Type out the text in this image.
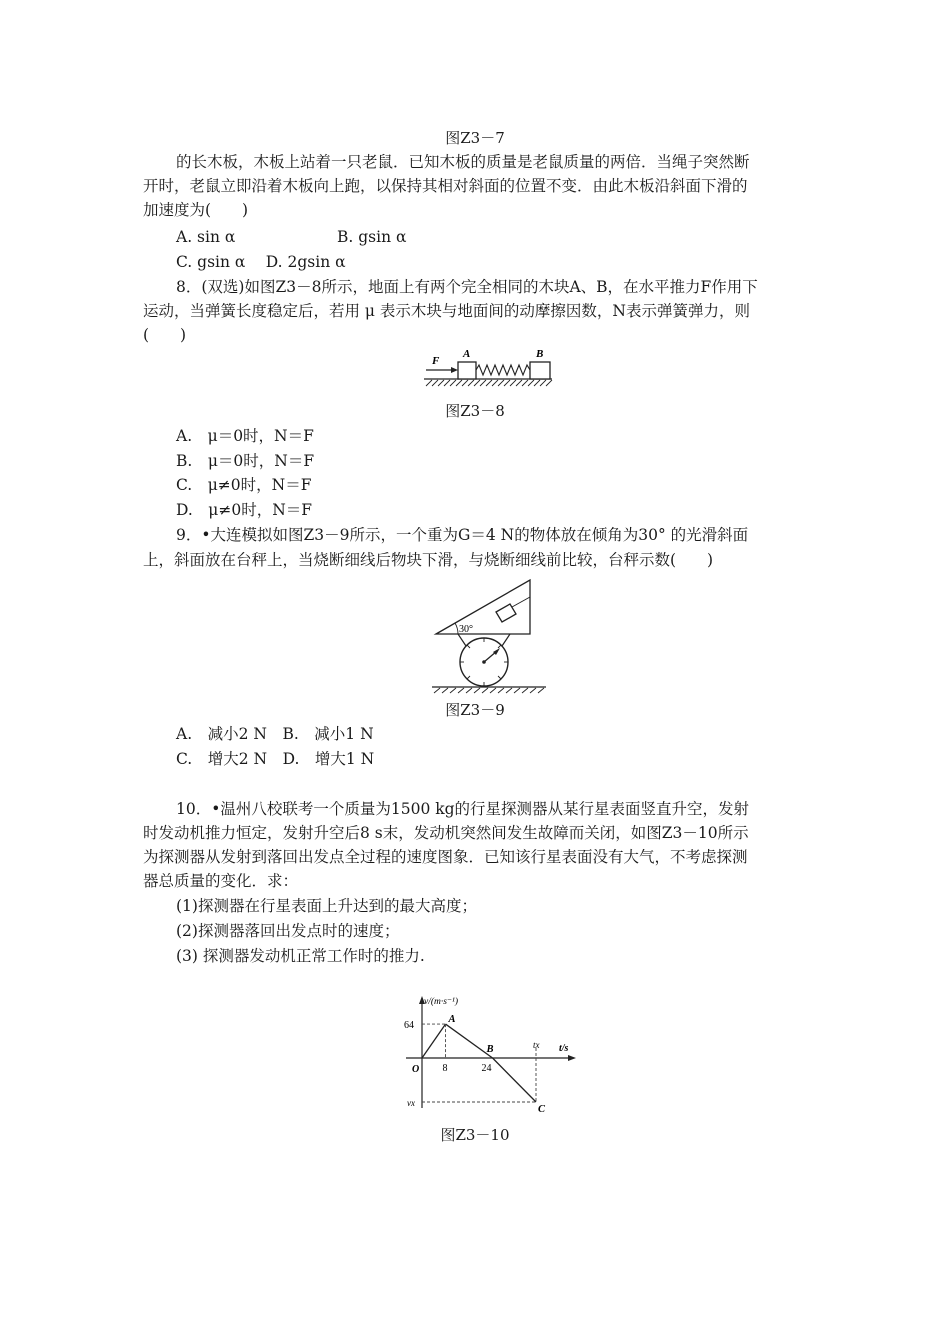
图Z3－7
的长木板，木板上站着一只老鼠．已知木板的质量是老鼠质量的两倍．当绳子突然断
开时，老鼠立即沿着木板向上跑，以保持其相对斜面的位置不变．由此木板沿斜面下滑的
加速度为(　　)
A. sin α	B. gsin α
C. gsin α　 D. 2gsin α
8．(双选)如图Z3－8所示，地面上有两个完全相同的木块A、B，在水平推力F作用下
运动，当弹簧长度稳定后，若用 μ 表示木块与地面间的动摩擦因数，N表示弹簧弹力，则
(　　)
F
A	B
图Z3－8
A.　μ＝0时，N＝F
B.　μ＝0时，N＝F
C.　μ≠0时，N＝F
D.　μ≠0时，N＝F
9．•大连模拟如图Z3－9所示，一个重为G＝4 N的物体放在倾角为30° 的光滑斜面
上，斜面放在台秤上，当烧断细线后物块下滑，与烧断细线前比较，台秤示数(　　)
30°
图Z3－9
A.　减小2 N　B.　减小1 N
C.　增大2 N　D.　增大1 N
10．•温州八校联考一个质量为1500 kg的行星探测器从某行星表面竖直升空，发射
时发动机推力恒定，发射升空后8 s末，发动机突然间发生故障而关闭，如图Z3－10所示
为探测器从发射到落回出发点全过程的速度图象．已知该行星表面没有大气，不考虑探测
器总质量的变化．求：
(1)探测器在行星表面上升达到的最大高度；
(2)探测器落回出发点时的速度；
(3) 探测器发动机正常工作时的推力.
v/(m·s⁻¹)
t/s
O
A
B
C
8	24
tx
64
vx
图Z3－10
